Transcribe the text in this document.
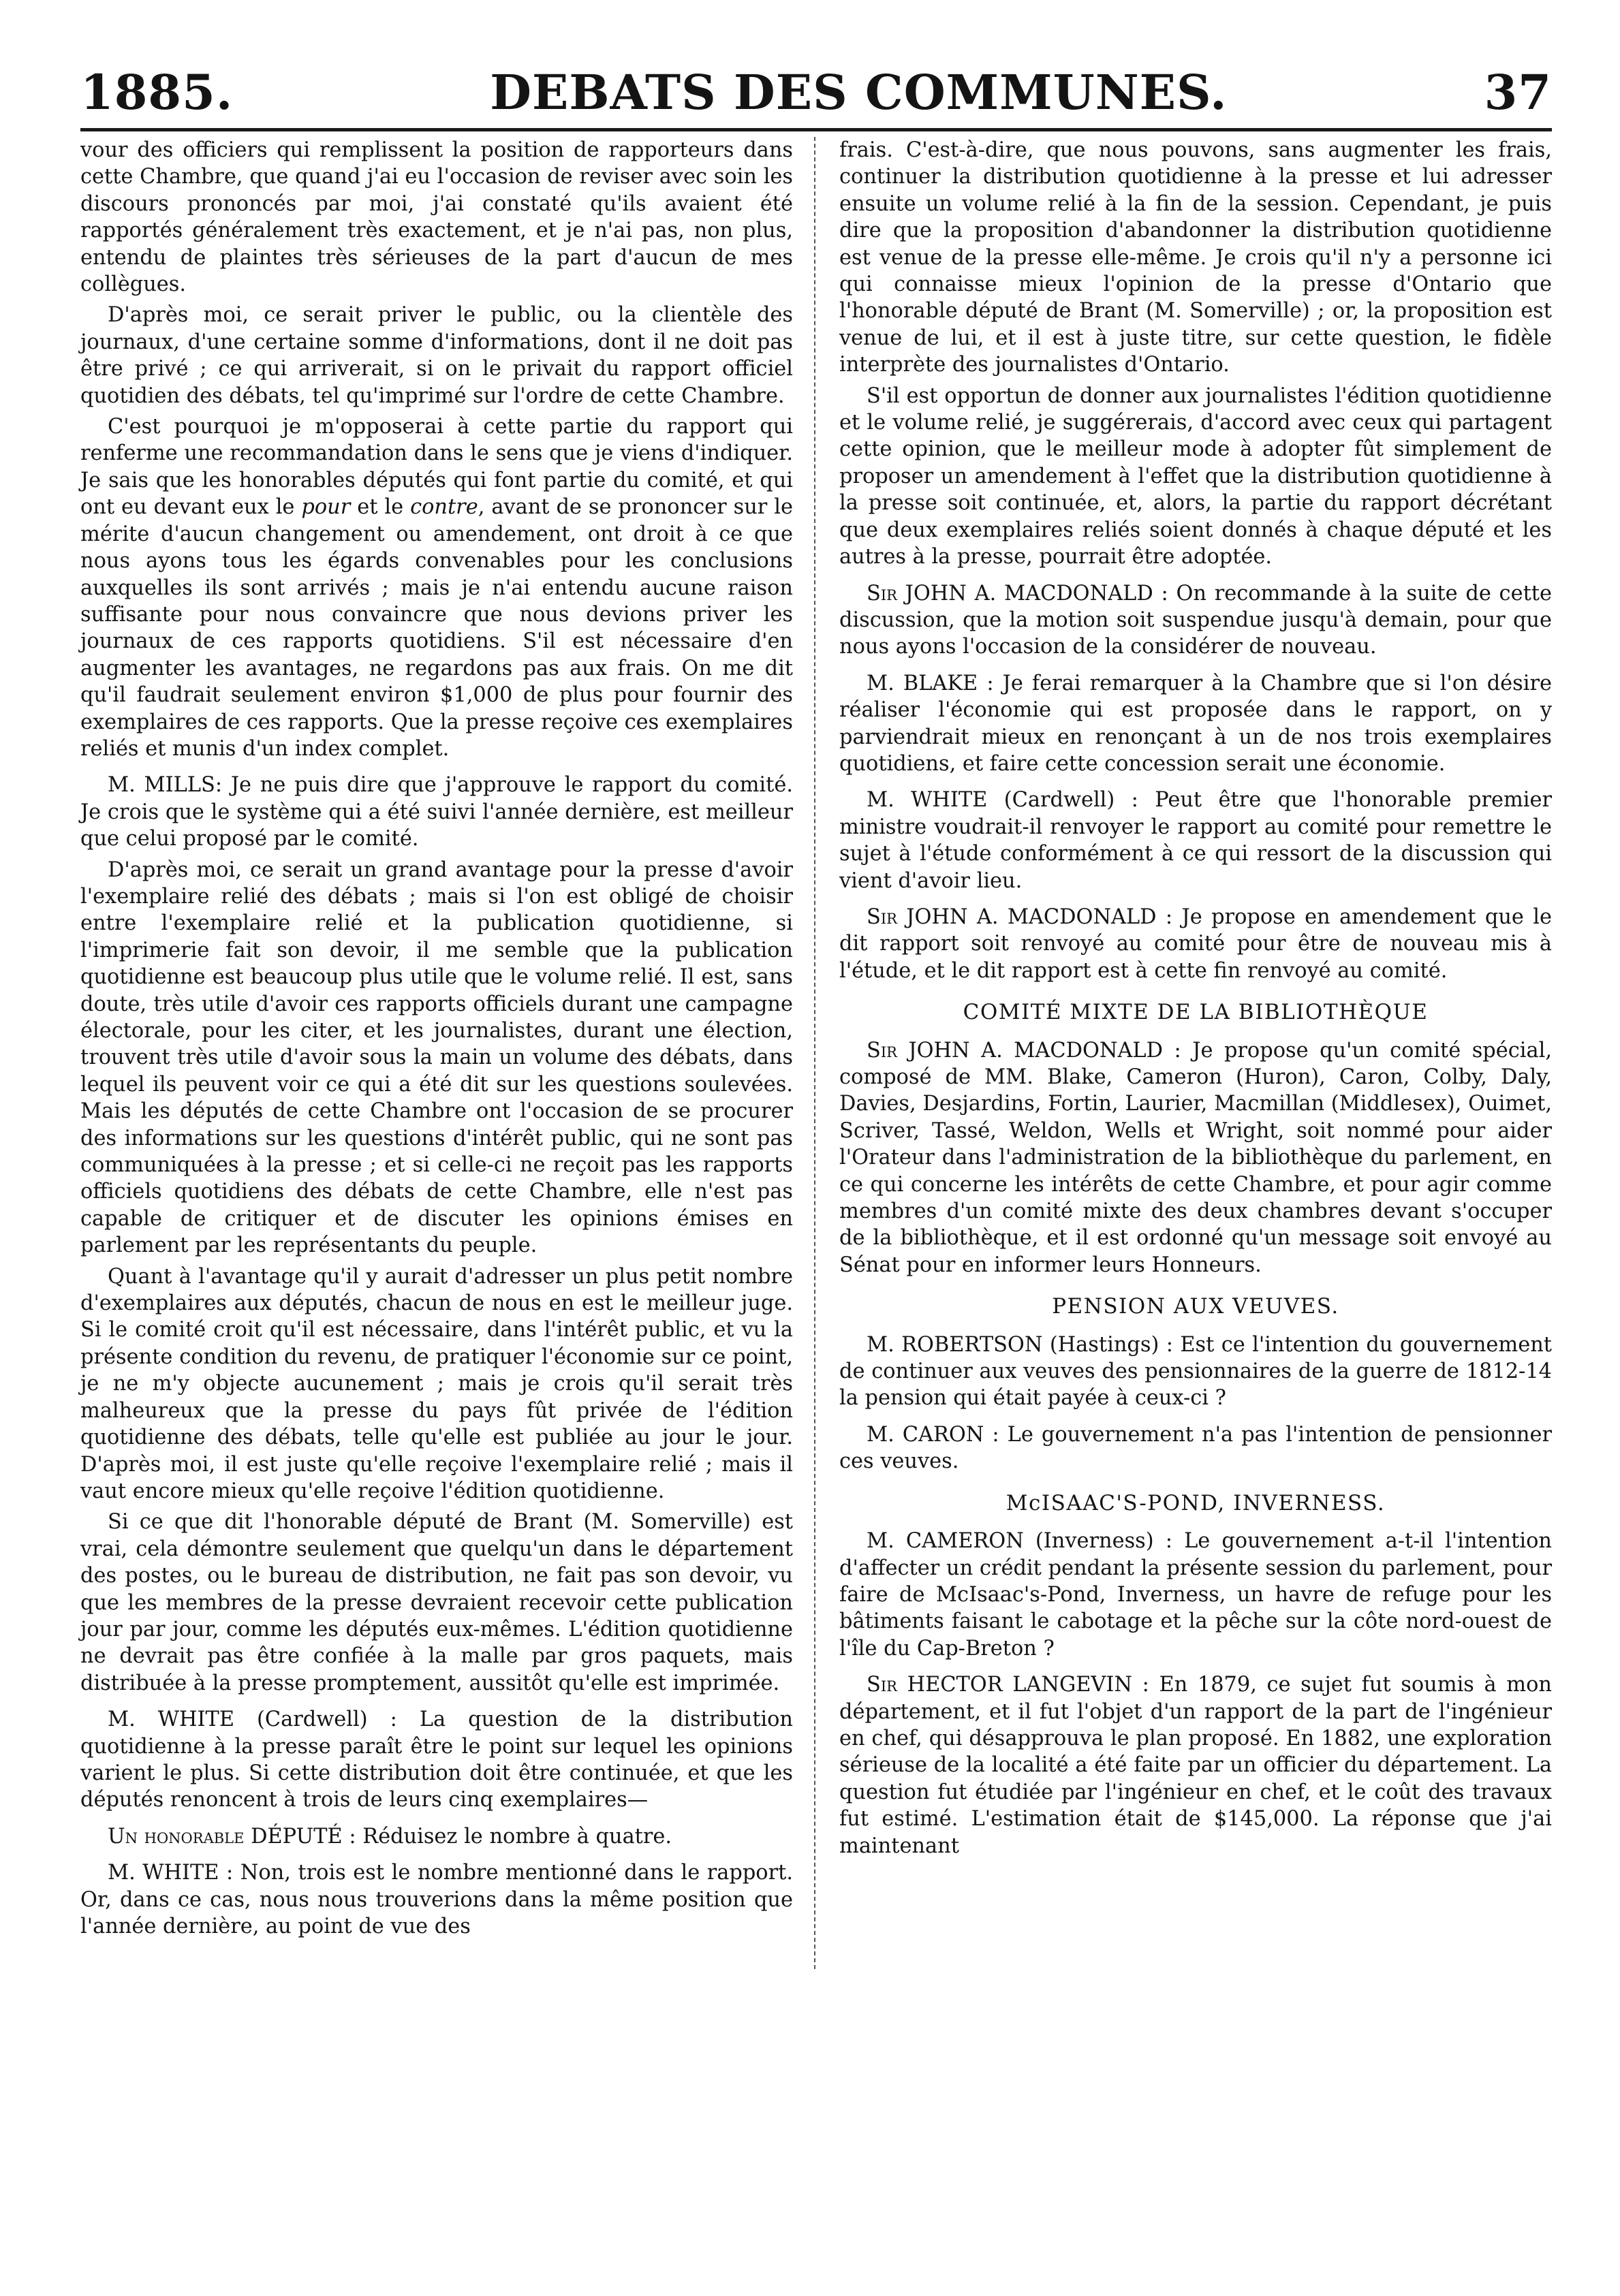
1885.	DEBATS DES COMMUNES.	37

vour des officiers qui remplissent la position de rapporteurs dans cette Chambre, que quand j'ai eu l'occasion de reviser avec soin les discours prononcés par moi, j'ai constaté qu'ils avaient été rapportés généralement très exactement, et je n'ai pas, non plus, entendu de plaintes très sérieuses de la part d'aucun de mes collègues.

D'après moi, ce serait priver le public, ou la clientèle des journaux, d'une certaine somme d'informations, dont il ne doit pas être privé ; ce qui arriverait, si on le privait du rapport officiel quotidien des débats, tel qu'imprimé sur l'ordre de cette Chambre.

C'est pourquoi je m'opposerai à cette partie du rapport qui renferme une recommandation dans le sens que je viens d'indiquer. Je sais que les honorables députés qui font partie du comité, et qui ont eu devant eux le pour et le contre, avant de se prononcer sur le mérite d'aucun changement ou amendement, ont droit à ce que nous ayons tous les égards convenables pour les conclusions auxquelles ils sont arrivés ; mais je n'ai entendu aucune raison suffisante pour nous convaincre que nous devions priver les journaux de ces rapports quotidiens. S'il est nécessaire d'en augmenter les avantages, ne regardons pas aux frais. On me dit qu'il faudrait seulement environ $1,000 de plus pour fournir des exemplaires de ces rapports. Que la presse reçoive ces exemplaires reliés et munis d'un index complet.

M. MILLS: Je ne puis dire que j'approuve le rapport du comité. Je crois que le système qui a été suivi l'année dernière, est meilleur que celui proposé par le comité.

D'après moi, ce serait un grand avantage pour la presse d'avoir l'exemplaire relié des débats ; mais si l'on est obligé de choisir entre l'exemplaire relié et la publication quotidienne, si l'imprimerie fait son devoir, il me semble que la publication quotidienne est beaucoup plus utile que le volume relié. Il est, sans doute, très utile d'avoir ces rapports officiels durant une campagne électorale, pour les citer, et les journalistes, durant une élection, trouvent très utile d'avoir sous la main un volume des débats, dans lequel ils peuvent voir ce qui a été dit sur les questions soulevées. Mais les députés de cette Chambre ont l'occasion de se procurer des informations sur les questions d'intérêt public, qui ne sont pas communiquées à la presse ; et si celle-ci ne reçoit pas les rapports officiels quotidiens des débats de cette Chambre, elle n'est pas capable de critiquer et de discuter les opinions émises en parlement par les représentants du peuple.

Quant à l'avantage qu'il y aurait d'adresser un plus petit nombre d'exemplaires aux députés, chacun de nous en est le meilleur juge. Si le comité croit qu'il est nécessaire, dans l'intérêt public, et vu la présente condition du revenu, de pratiquer l'économie sur ce point, je ne m'y objecte aucunement ; mais je crois qu'il serait très malheureux que la presse du pays fût privée de l'édition quotidienne des débats, telle qu'elle est publiée au jour le jour. D'après moi, il est juste qu'elle reçoive l'exemplaire relié ; mais il vaut encore mieux qu'elle reçoive l'édition quotidienne.

Si ce que dit l'honorable député de Brant (M. Somerville) est vrai, cela démontre seulement que quelqu'un dans le département des postes, ou le bureau de distribution, ne fait pas son devoir, vu que les membres de la presse devraient recevoir cette publication jour par jour, comme les députés eux-mêmes. L'édition quotidienne ne devrait pas être confiée à la malle par gros paquets, mais distribuée à la presse promptement, aussitôt qu'elle est imprimée.

M. WHITE (Cardwell) : La question de la distribution quotidienne à la presse paraît être le point sur lequel les opinions varient le plus. Si cette distribution doit être continuée, et que les députés renoncent à trois de leurs cinq exemplaires—

Un honorable DÉPUTÉ : Réduisez le nombre à quatre.

M. WHITE : Non, trois est le nombre mentionné dans le rapport. Or, dans ce cas, nous nous trouverions dans la même position que l'année dernière, au point de vue des

frais. C'est-à-dire, que nous pouvons, sans augmenter les frais, continuer la distribution quotidienne à la presse et lui adresser ensuite un volume relié à la fin de la session. Cependant, je puis dire que la proposition d'abandonner la distribution quotidienne est venue de la presse elle-même. Je crois qu'il n'y a personne ici qui connaisse mieux l'opinion de la presse d'Ontario que l'honorable député de Brant (M. Somerville) ; or, la proposition est venue de lui, et il est à juste titre, sur cette question, le fidèle interprète des journalistes d'Ontario.

S'il est opportun de donner aux journalistes l'édition quotidienne et le volume relié, je suggérerais, d'accord avec ceux qui partagent cette opinion, que le meilleur mode à adopter fût simplement de proposer un amendement à l'effet que la distribution quotidienne à la presse soit continuée, et, alors, la partie du rapport décrétant que deux exemplaires reliés soient donnés à chaque député et les autres à la presse, pourrait être adoptée.

Sir JOHN A. MACDONALD : On recommande à la suite de cette discussion, que la motion soit suspendue jusqu'à demain, pour que nous ayons l'occasion de la considérer de nouveau.

M. BLAKE : Je ferai remarquer à la Chambre que si l'on désire réaliser l'économie qui est proposée dans le rapport, on y parviendrait mieux en renonçant à un de nos trois exemplaires quotidiens, et faire cette concession serait une économie.

M. WHITE (Cardwell) : Peut être que l'honorable premier ministre voudrait-il renvoyer le rapport au comité pour remettre le sujet à l'étude conformément à ce qui ressort de la discussion qui vient d'avoir lieu.

Sir JOHN A. MACDONALD : Je propose en amendement que le dit rapport soit renvoyé au comité pour être de nouveau mis à l'étude, et le dit rapport est à cette fin renvoyé au comité.

COMITÉ MIXTE DE LA BIBLIOTHÈQUE

Sir JOHN A. MACDONALD : Je propose qu'un comité spécial, composé de MM. Blake, Cameron (Huron), Caron, Colby, Daly, Davies, Desjardins, Fortin, Laurier, Macmillan (Middlesex), Ouimet, Scriver, Tassé, Weldon, Wells et Wright, soit nommé pour aider l'Orateur dans l'administration de la bibliothèque du parlement, en ce qui concerne les intérêts de cette Chambre, et pour agir comme membres d'un comité mixte des deux chambres devant s'occuper de la bibliothèque, et il est ordonné qu'un message soit envoyé au Sénat pour en informer leurs Honneurs.

PENSION AUX VEUVES.

M. ROBERTSON (Hastings) : Est ce l'intention du gouvernement de continuer aux veuves des pensionnaires de la guerre de 1812-14 la pension qui était payée à ceux-ci ?

M. CARON : Le gouvernement n'a pas l'intention de pensionner ces veuves.

McISAAC'S-POND, INVERNESS.

M. CAMERON (Inverness) : Le gouvernement a-t-il l'intention d'affecter un crédit pendant la présente session du parlement, pour faire de McIsaac's-Pond, Inverness, un havre de refuge pour les bâtiments faisant le cabotage et la pêche sur la côte nord-ouest de l'île du Cap-Breton ?

Sir HECTOR LANGEVIN : En 1879, ce sujet fut soumis à mon département, et il fut l'objet d'un rapport de la part de l'ingénieur en chef, qui désapprouva le plan proposé. En 1882, une exploration sérieuse de la localité a été faite par un officier du département. La question fut étudiée par l'ingénieur en chef, et le coût des travaux fut estimé. L'estimation était de $145,000. La réponse que j'ai maintenant
